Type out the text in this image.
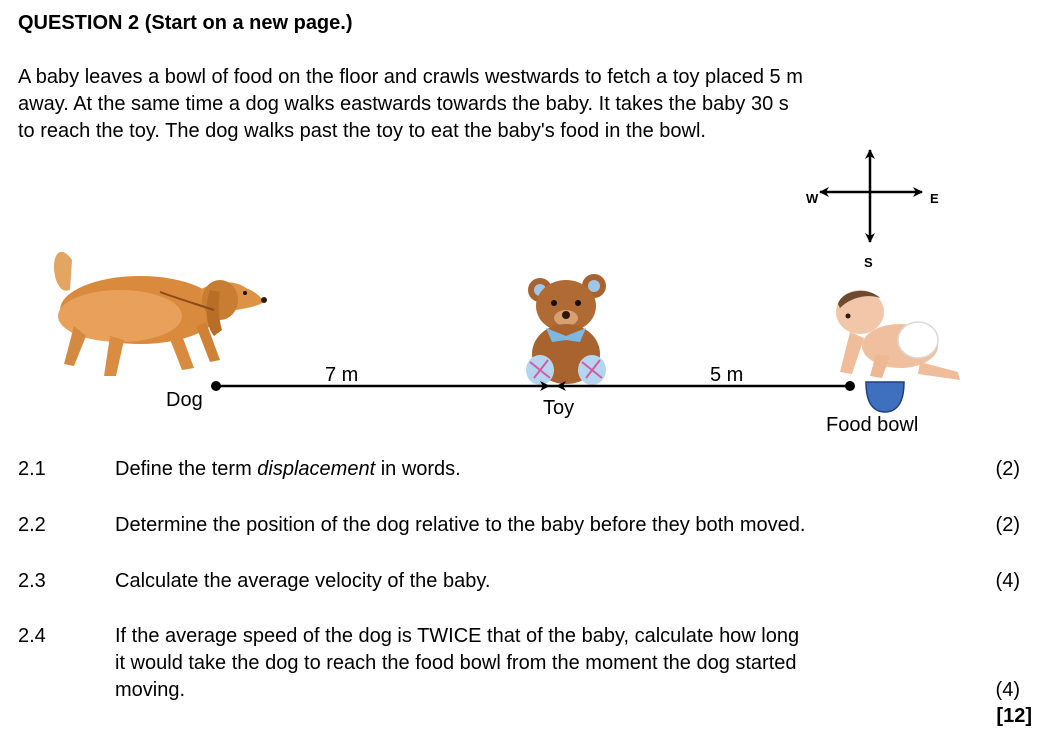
QUESTION 2 (Start on a new page.)

A baby leaves a bowl of food on the floor and crawls westwards to fetch a toy placed 5 m

away. At the same time a dog walks eastwards towards the baby. It takes the baby 30 s

to reach the toy. The dog walks past the toy to eat the baby's food in the bowl.

W	E
S
7 m	5 m
Dog	Toy
Food bowl
2.1	Define the term displacement in words.	(2)
2.2	Determine the position of the dog relative to the baby before they both moved.	(2)
2.3	Calculate the average velocity of the baby.	(4)
2.4	If the average speed of the dog is TWICE that of the baby, calculate how long
it would take the dog to reach the food bowl from the moment the dog started
moving.	(4)
[12]
